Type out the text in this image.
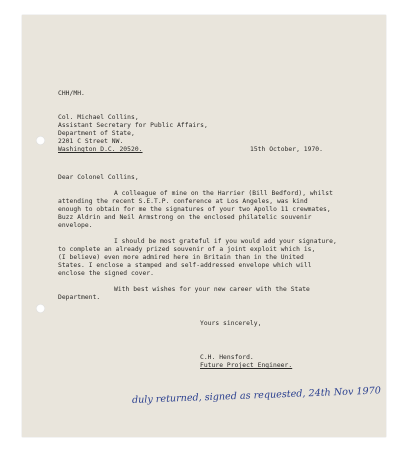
CHH/MH.
Col. Michael Collins,
Assistant Secretary for Public Affairs,
Department of State,
2201 C Street NW.
Washington D.C. 20520.	15th October, 1970.
Dear Colonel Collins,
A colleague of mine on the Harrier (Bill Bedford), whilst
attending the recent S.E.T.P. conference at Los Angeles, was kind
enough to obtain for me the signatures of your two Apollo 11 crewmates,
Buzz Aldrin and Neil Armstrong on the enclosed philatelic souvenir
envelope.
I should be most grateful if you would add your signature,
to complete an already prized souvenir of a joint exploit which is,
(I believe) even more admired here in Britain than in the United
States. I enclose a stamped and self-addressed envelope which will
enclose the signed cover.
With best wishes for your new career with the State
Department.
Yours sincerely,
C.H. Hensford.
Future Project Engineer.
duly returned, signed as requested, 24th Nov 1970
